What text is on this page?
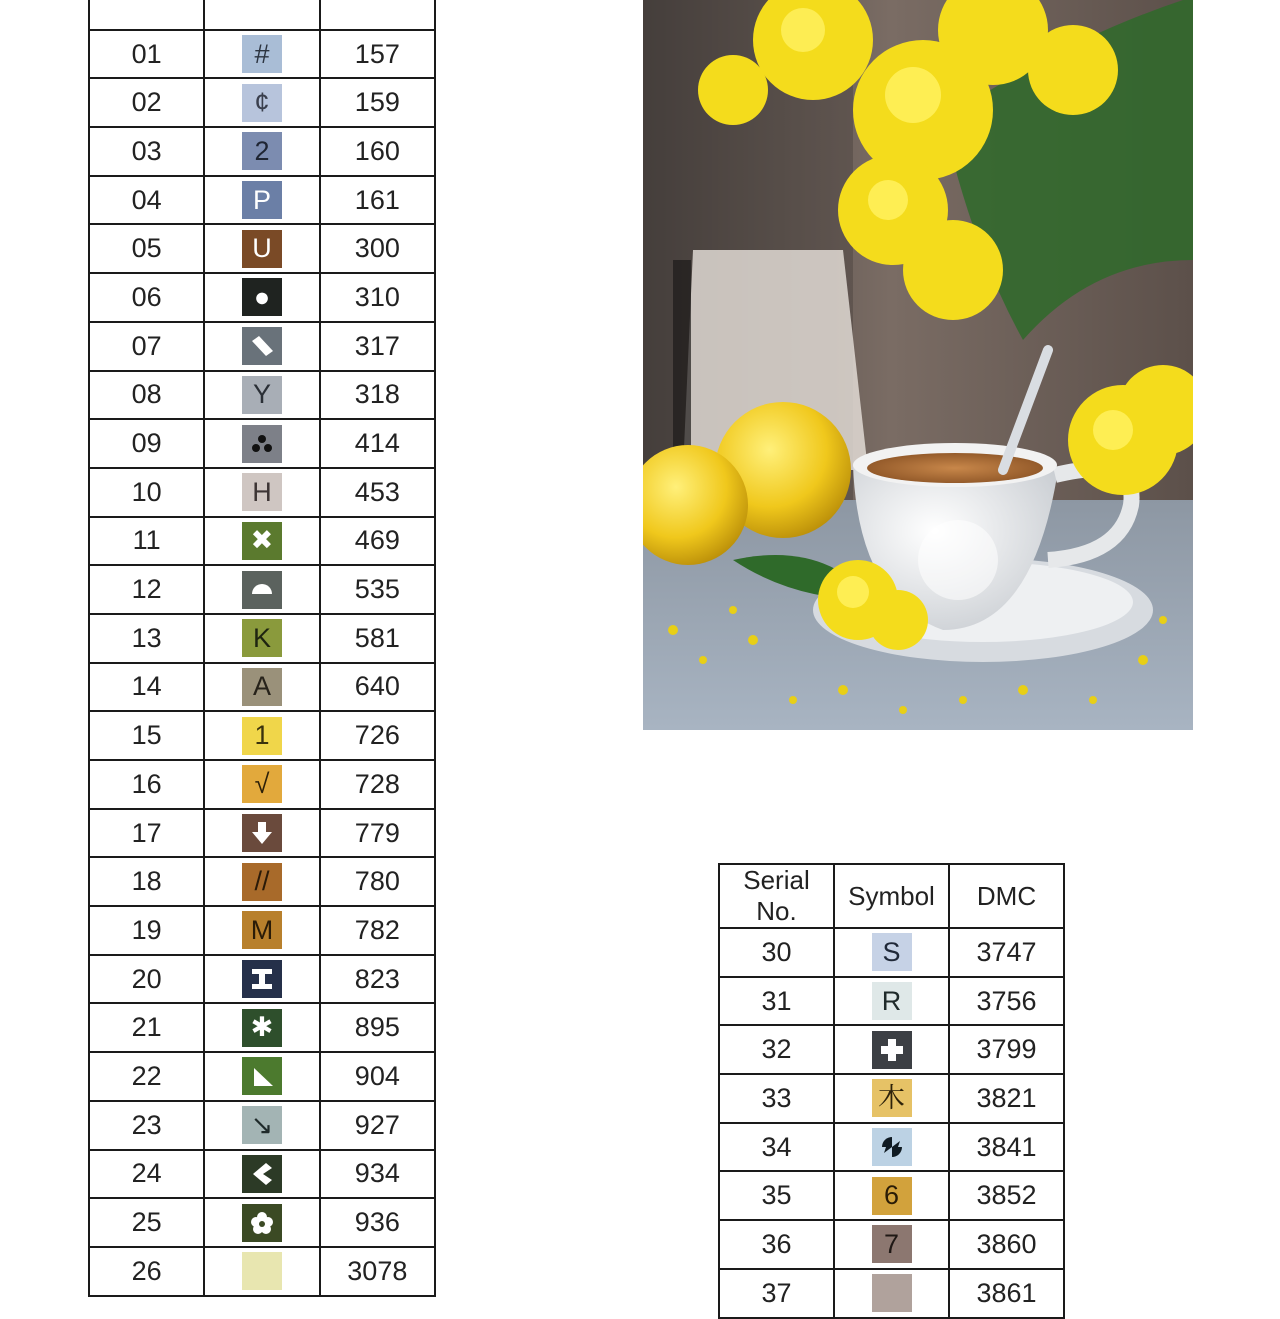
01	#	157
02	¢	159
03	2	160
04	P	161
05	U	300
06	●	310
07		317
08	Y	318
09		414
10	H	453
11	✖	469
12		535
13	K	581
14	A	640
15	1	726
16	√	728
17		779
18	//	780
19	M	782
20		823
21	✱	895
22		904
23	↘	927
24		934
25		936
26		3078
Serial No.	Symbol	DMC
30	S	3747
31	R	3756
32		3799
33	木	3821
34		3841
35	6	3852
36	7	3860
37		3861
